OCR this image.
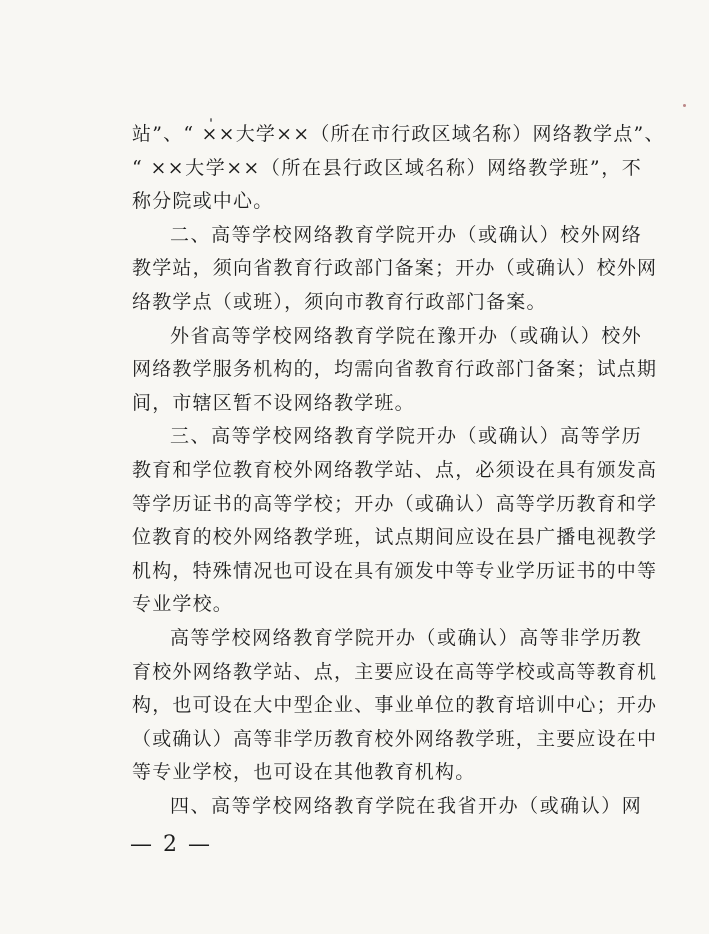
站”、“ ××大学××（所在市行政区域名称）网络教学点”、
“ ××大学××（所在县行政区域名称）网络教学班”，不
称分院或中心。
二、高等学校网络教育学院开办（或确认）校外网络
教学站，须向省教育行政部门备案；开办（或确认）校外网
络教学点（或班），须向市教育行政部门备案。
外省高等学校网络教育学院在豫开办（或确认）校外
网络教学服务机构的，均需向省教育行政部门备案；试点期
间，市辖区暂不设网络教学班。
三、高等学校网络教育学院开办（或确认）高等学历
教育和学位教育校外网络教学站、点，必须设在具有颁发高
等学历证书的高等学校；开办（或确认）高等学历教育和学
位教育的校外网络教学班，试点期间应设在县广播电视教学
机构，特殊情况也可设在具有颁发中等专业学历证书的中等
专业学校。
高等学校网络教育学院开办（或确认）高等非学历教
育校外网络教学站、点，主要应设在高等学校或高等教育机
构，也可设在大中型企业、事业单位的教育培训中心；开办
（或确认）高等非学历教育校外网络教学班，主要应设在中
等专业学校，也可设在其他教育机构。
四、高等学校网络教育学院在我省开办（或确认）网
— 2 —
